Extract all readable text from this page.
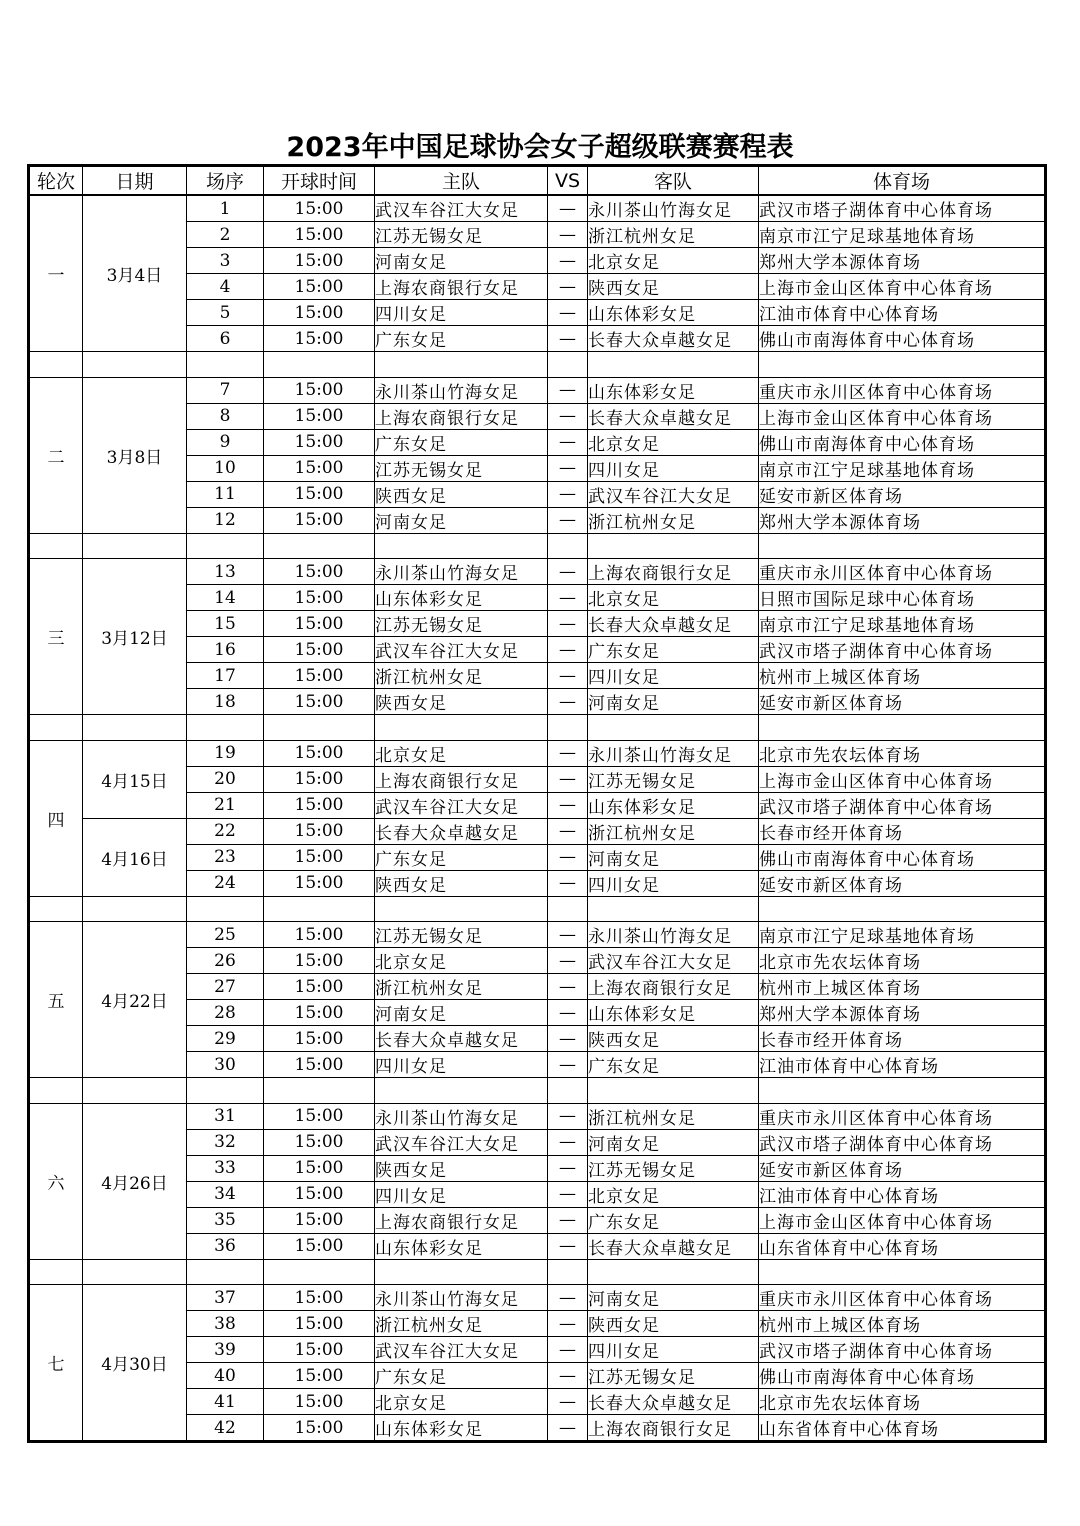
2023年中国足球协会女子超级联赛赛程表
轮次	日期	场序	开球时间	主队	VS	客队	体育场
一	3月4日	1	15:00	武汉车谷江大女足	—	永川茶山竹海女足	武汉市塔子湖体育中心体育场
		2	15:00	江苏无锡女足	—	浙江杭州女足	南京市江宁足球基地体育场
		3	15:00	河南女足	—	北京女足	郑州大学本源体育场
		4	15:00	上海农商银行女足	—	陕西女足	上海市金山区体育中心体育场
		5	15:00	四川女足	—	山东体彩女足	江油市体育中心体育场
		6	15:00	广东女足	—	长春大众卓越女足	佛山市南海体育中心体育场

二	3月8日	7	15:00	永川茶山竹海女足	—	山东体彩女足	重庆市永川区体育中心体育场
		8	15:00	上海农商银行女足	—	长春大众卓越女足	上海市金山区体育中心体育场
		9	15:00	广东女足	—	北京女足	佛山市南海体育中心体育场
		10	15:00	江苏无锡女足	—	四川女足	南京市江宁足球基地体育场
		11	15:00	陕西女足	—	武汉车谷江大女足	延安市新区体育场
		12	15:00	河南女足	—	浙江杭州女足	郑州大学本源体育场

三	3月12日	13	15:00	永川茶山竹海女足	—	上海农商银行女足	重庆市永川区体育中心体育场
		14	15:00	山东体彩女足	—	北京女足	日照市国际足球中心体育场
		15	15:00	江苏无锡女足	—	长春大众卓越女足	南京市江宁足球基地体育场
		16	15:00	武汉车谷江大女足	—	广东女足	武汉市塔子湖体育中心体育场
		17	15:00	浙江杭州女足	—	四川女足	杭州市上城区体育场
		18	15:00	陕西女足	—	河南女足	延安市新区体育场

四	4月15日	19	15:00	北京女足	—	永川茶山竹海女足	北京市先农坛体育场
		20	15:00	上海农商银行女足	—	江苏无锡女足	上海市金山区体育中心体育场
		21	15:00	武汉车谷江大女足	—	山东体彩女足	武汉市塔子湖体育中心体育场
	4月16日	22	15:00	长春大众卓越女足	—	浙江杭州女足	长春市经开体育场
		23	15:00	广东女足	—	河南女足	佛山市南海体育中心体育场
		24	15:00	陕西女足	—	四川女足	延安市新区体育场

五	4月22日	25	15:00	江苏无锡女足	—	永川茶山竹海女足	南京市江宁足球基地体育场
		26	15:00	北京女足	—	武汉车谷江大女足	北京市先农坛体育场
		27	15:00	浙江杭州女足	—	上海农商银行女足	杭州市上城区体育场
		28	15:00	河南女足	—	山东体彩女足	郑州大学本源体育场
		29	15:00	长春大众卓越女足	—	陕西女足	长春市经开体育场
		30	15:00	四川女足	—	广东女足	江油市体育中心体育场

六	4月26日	31	15:00	永川茶山竹海女足	—	浙江杭州女足	重庆市永川区体育中心体育场
		32	15:00	武汉车谷江大女足	—	河南女足	武汉市塔子湖体育中心体育场
		33	15:00	陕西女足	—	江苏无锡女足	延安市新区体育场
		34	15:00	四川女足	—	北京女足	江油市体育中心体育场
		35	15:00	上海农商银行女足	—	广东女足	上海市金山区体育中心体育场
		36	15:00	山东体彩女足	—	长春大众卓越女足	山东省体育中心体育场

七	4月30日	37	15:00	永川茶山竹海女足	—	河南女足	重庆市永川区体育中心体育场
		38	15:00	浙江杭州女足	—	陕西女足	杭州市上城区体育场
		39	15:00	武汉车谷江大女足	—	四川女足	武汉市塔子湖体育中心体育场
		40	15:00	广东女足	—	江苏无锡女足	佛山市南海体育中心体育场
		41	15:00	北京女足	—	长春大众卓越女足	北京市先农坛体育场
		42	15:00	山东体彩女足	—	上海农商银行女足	山东省体育中心体育场
